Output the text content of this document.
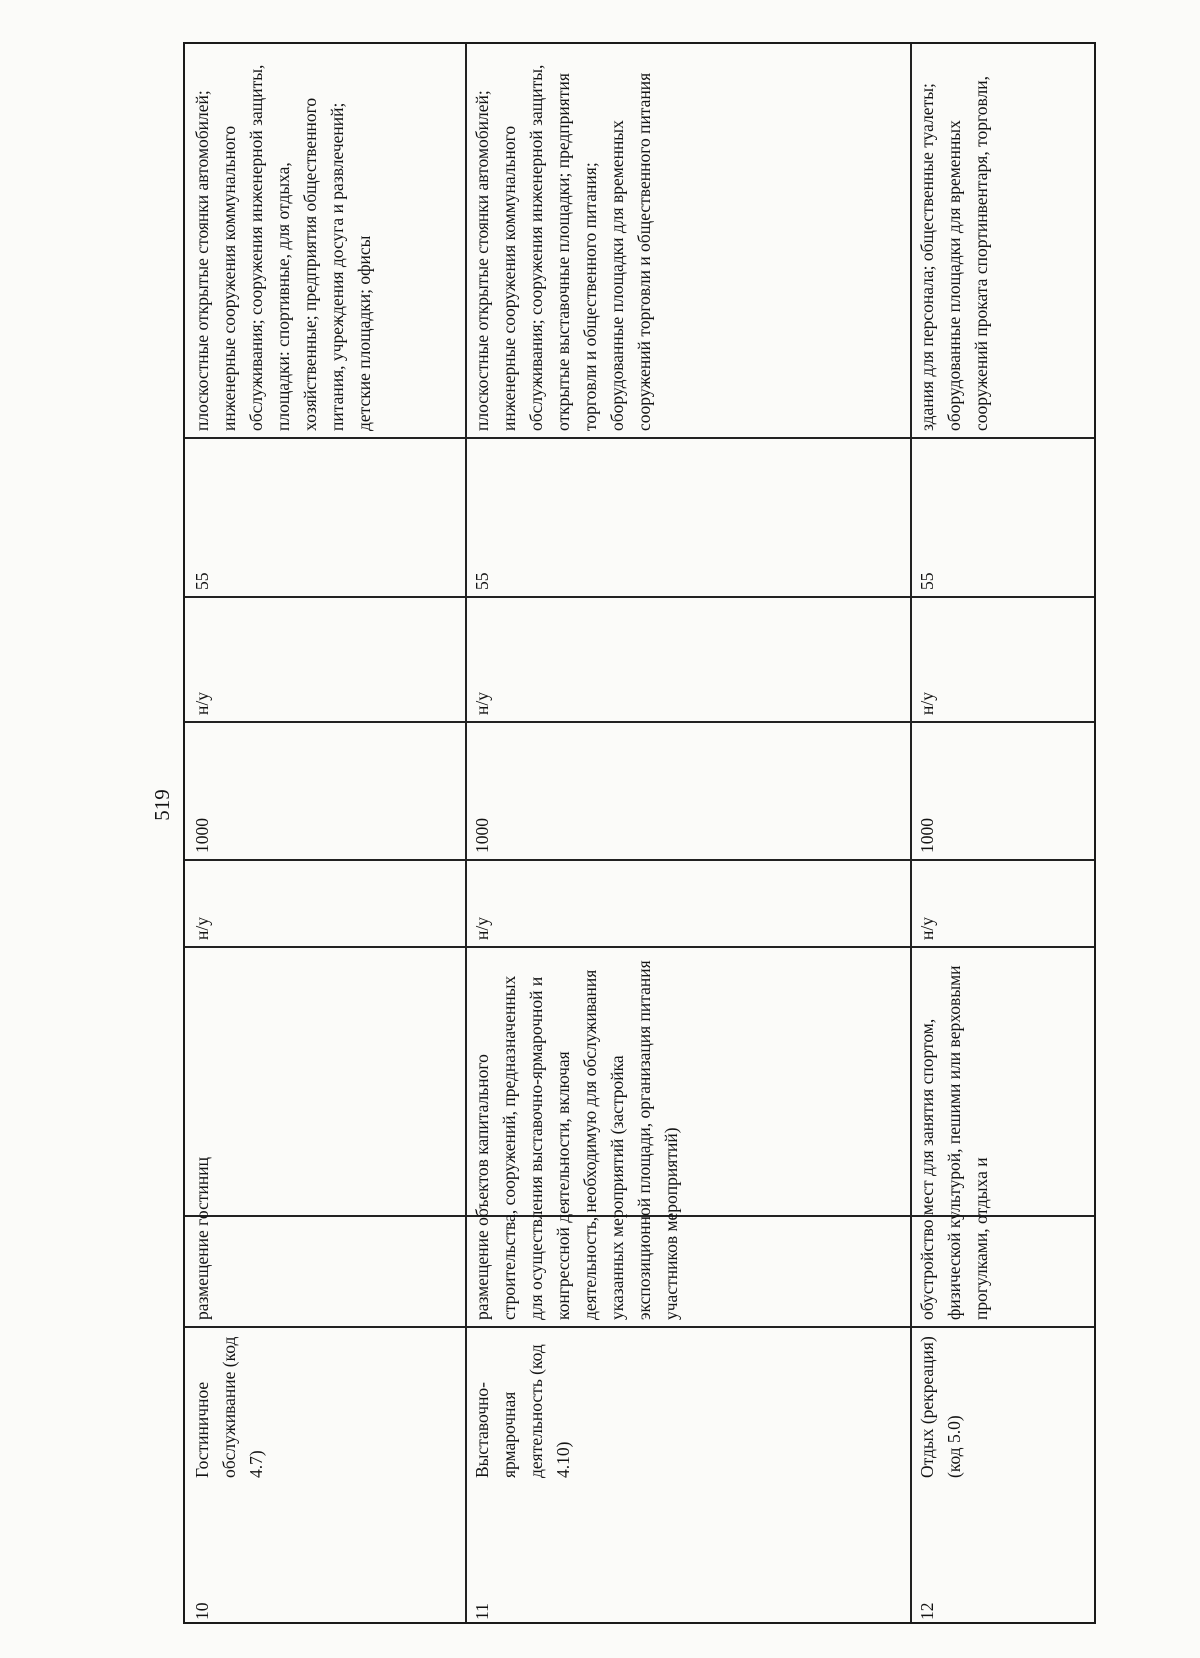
519
10
Гостиничное обслуживание (код 4.7)
размещение гостиниц
н/у
1000
н/у
55
плоскостные открытые стоянки автомобилей; инженерные сооружения коммунального обслуживания; сооружения инженерной защиты, площадки: спортивные, для отдыха, хозяйственные; предприятия общественного питания, учреждения досуга и развлечений; детские площадки; офисы
11
Выставочно-ярмарочная деятельность (код 4.10)
размещение объектов капитального строительства, сооружений, предназначенных для осуществления выставочно-ярмарочной и конгрессной деятельности, включая деятельность, необходимую для обслуживания указанных мероприятий (застройка экспозиционной площади, организация питания участников мероприятий)
н/у
1000
н/у
55
плоскостные открытые стоянки автомобилей; инженерные сооружения коммунального обслуживания; сооружения инженерной защиты, открытые выставочные площадки; предприятия торговли и общественного питания; оборудованные площадки для временных сооружений торговли и общественного питания
12
Отдых (рекреация) (код 5.0)
обустройство мест для занятия спортом, физической культурой, пешими или верховыми прогулками, отдыха и
н/у
1000
н/у
55
здания для персонала; общественные туалеты; оборудованные площадки для временных сооружений проката спортинвентаря, торговли,
